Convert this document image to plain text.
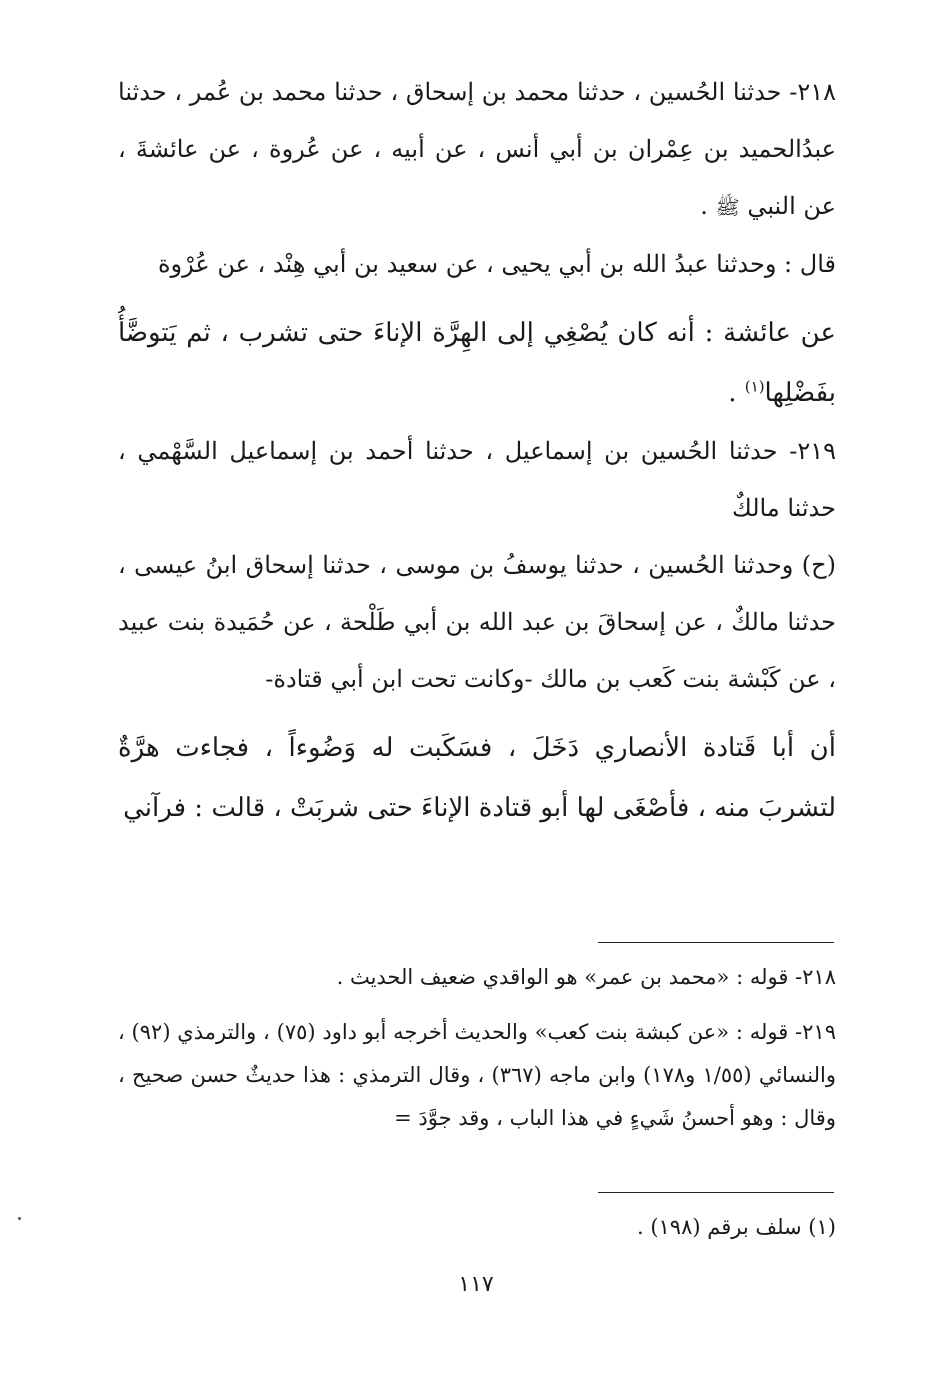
٢١٨- حدثنا الحُسين ، حدثنا محمد بن إسحاق ، حدثنا محمد بن عُمر ، حدثنا عبدُالحميد بن عِمْران بن أبي أنس ، عن أبيه ، عن عُروة ، عن عائشةَ ، عن النبي ﷺ .

قال : وحدثنا عبدُ الله بن أبي يحيى ، عن سعيد بن أبي هِنْد ، عن عُرْوة

عن عائشة : أنه كان يُصْغِي إلى الهِرَّة الإناءَ حتى تشرب ، ثم يَتوضَّأُ بفَضْلِها$^{(١)}$ .

٢١٩- حدثنا الحُسين بن إسماعيل ، حدثنا أحمد بن إسماعيل السَّهْمي ، حدثنا مالكٌ

(ح) وحدثنا الحُسين ، حدثنا يوسفُ بن موسى ، حدثنا إسحاق ابنُ عيسى ، حدثنا مالكٌ ، عن إسحاقَ بن عبد الله بن أبي طَلْحة ، عن حُمَيدة بنت عبيد ، عن كَبْشة بنت كَعب بن مالك -وكانت تحت ابن أبي قتادة-

أن أبا قَتادة الأنصاري دَخَلَ ، فسَكَبت له وَضُوءاً ، فجاءت هرَّةٌ لتشربَ منه ، فأصْغَى لها أبو قتادة الإناءَ حتى شربَتْ ، قالت : فرآني

٢١٨- قوله : «محمد بن عمر» هو الواقدي ضعيف الحديث .

٢١٩- قوله : «عن كبشة بنت كعب» والحديث أخرجه أبو داود (٧٥) ، والترمذي (٩٢) ، والنسائي (١/٥٥ و١٧٨) وابن ماجه (٣٦٧) ، وقال الترمذي : هذا حديثٌ حسن صحيح ، وقال : وهو أحسنُ شَيءٍ في هذا الباب ، وقد جوَّدَ =

(١) سلف برقم (١٩٨) .

١١٧
